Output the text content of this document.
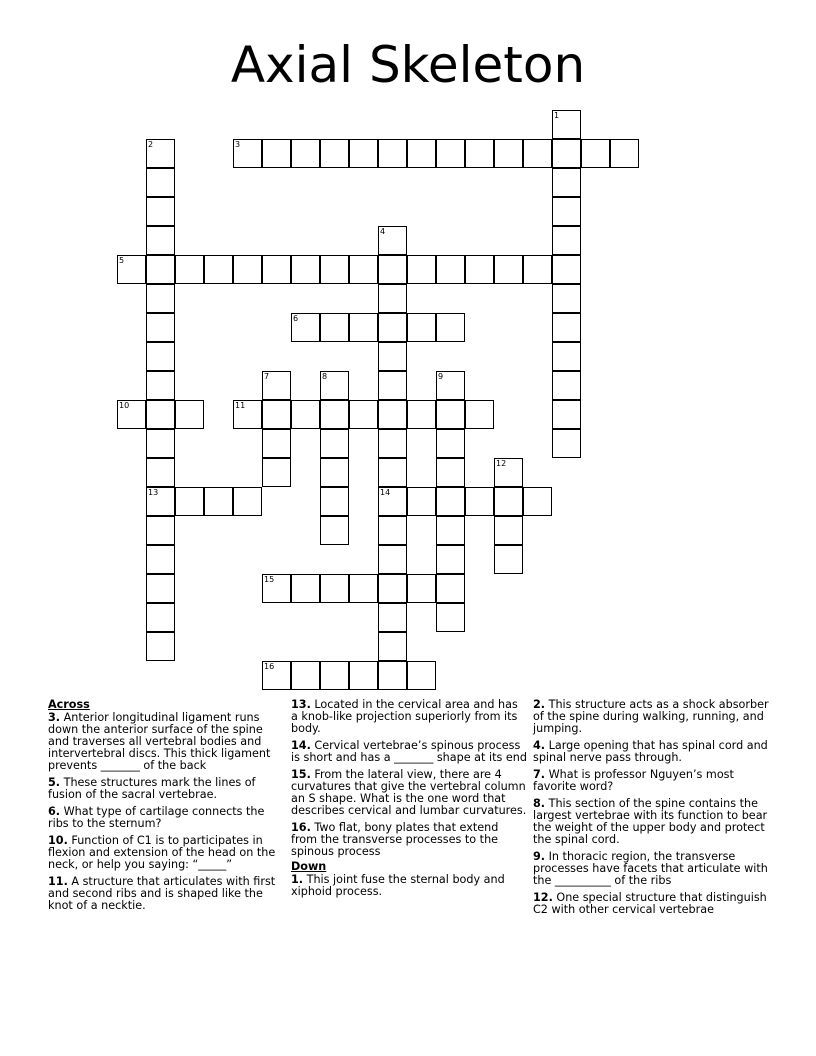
Axial Skeleton
1
2
13
3
4
14
5
6
7	8	9
10	11
12
15
16
Across
3. Anterior longitudinal ligament runs down the anterior surface of the spine and traverses all vertebral bodies and intervertebral discs. This thick ligament prevents _______ of the back
5. These structures mark the lines of fusion of the sacral vertebrae.
6. What type of cartilage connects the ribs to the sternum?
10. Function of C1 is to participates in flexion and extension of the head on the neck, or help you saying: “_____”
11. A structure that articulates with first and second ribs and is shaped like the knot of a necktie.
13. Located in the cervical area and has a knob-like projection superiorly from its body.
14. Cervical vertebrae’s spinous process is short and has a _______ shape at its end
15. From the lateral view, there are 4 curvatures that give the vertebral column an S shape. What is the one word that describes cervical and lumbar curvatures.
16. Two flat, bony plates that extend from the transverse processes to the spinous process
Down
1. This joint fuse the sternal body and xiphoid process.
2. This structure acts as a shock absorber of the spine during walking, running, and jumping.
4. Large opening that has spinal cord and spinal nerve pass through.
7. What is professor Nguyen’s most favorite word?
8. This section of the spine contains the largest vertebrae with its function to bear the weight of the upper body and protect the spinal cord.
9. In thoracic region, the transverse processes have facets that articulate with the __________ of the ribs
12. One special structure that distinguish C2 with other cervical vertebrae
